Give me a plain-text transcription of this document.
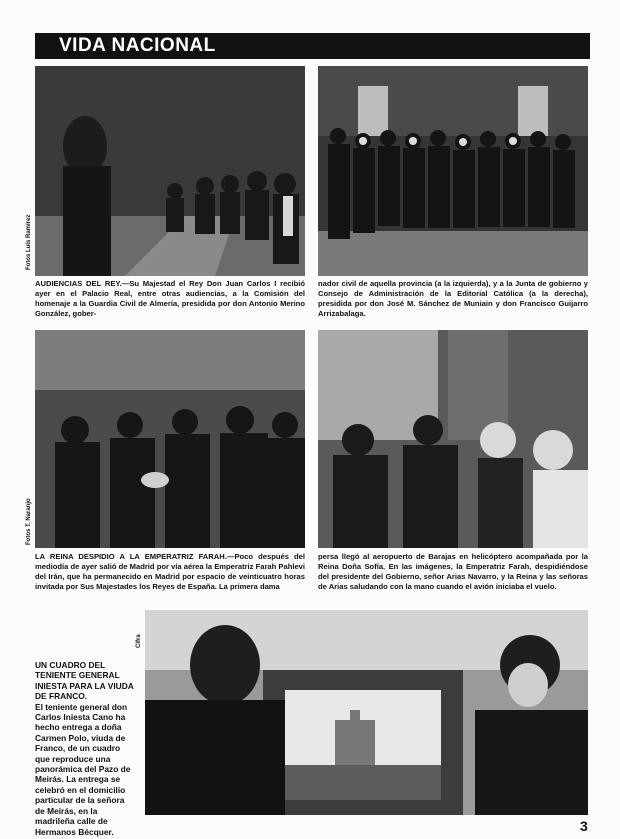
VIDA NACIONAL
Fotos Luis Ramírez
AUDIENCIAS DEL REY.—Su Majestad el Rey Don Juan Carlos I recibió ayer en el Palacio Real, entre otras audiencias, a la Comisión del homenaje a la Guardia Civil de Almería, presidida por don Antonio Merino González, gober-
nador civil de aquella provincia (a la izquierda), y a la Junta de gobierno y Consejo de Administración de la Editorial Católica (a la derecha), presidida por don José M. Sánchez de Muniain y don Francisco Guijarro Arrizabalaga.
Fotos T. Naranjo
LA REINA DESPIDIO A LA EMPERATRIZ FARAH.—Poco después del mediodía de ayer salió de Madrid por vía aérea la Emperatriz Farah Pahlevi del Irán, que ha permanecido en Madrid por espacio de veinticuatro horas invitada por Sus Majestades los Reyes de España. La primera dama
persa llegó al aeropuerto de Barajas en helicóptero acompañada por la Reina Doña Sofía. En las imágenes, la Emperatriz Farah, despidiéndose del presidente del Gobierno, señor Arias Navarro, y la Reina y las señoras de Arias saludando con la mano cuando el avión iniciaba el vuelo.
Cifra
UN CUADRO DEL TENIENTE GENERAL INIESTA PARA LA VIUDA DE FRANCO.
El teniente general don Carlos Iniesta Cano ha hecho entrega a doña Carmen Polo, viuda de Franco, de un cuadro que reproduce una panorámica del Pazo de Meirás. La entrega se celebró en el domicilio particular de la señora de Meirás, en la madrileña calle de Hermanos Bécquer.	3
